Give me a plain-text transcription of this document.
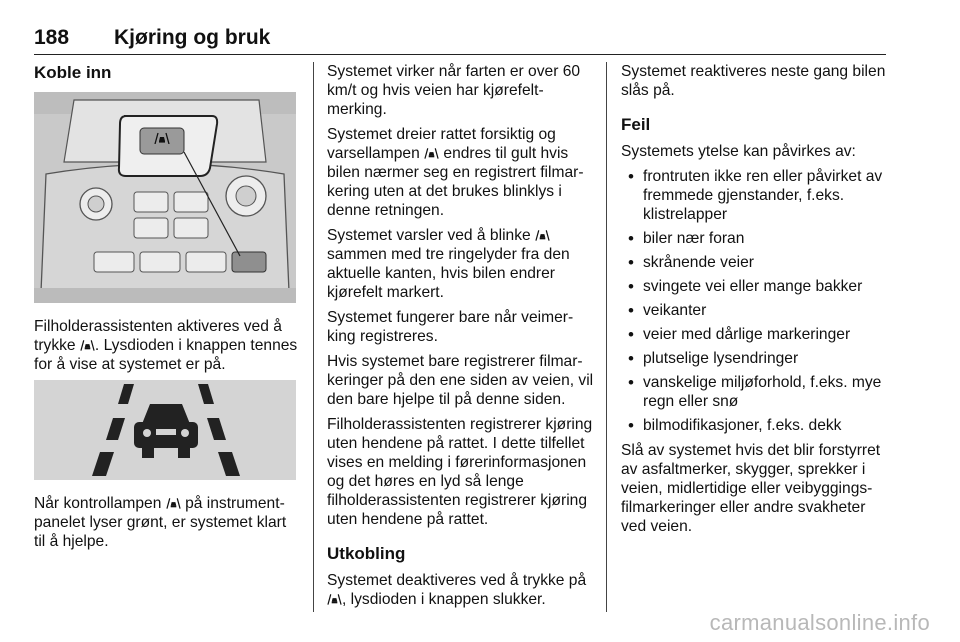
188 Kjøring og bruk
Koble inn

Filholderassistenten aktiveres ved å trykke . Lysdioden i knappen tennes for å vise at systemet er på.

Når kontrollampen  på instrumentpanelet lyser grønt, er systemet klart til å hjelpe.

Systemet virker når farten er over 60 km/t og hvis veien har kjørefeltmerking.

Systemet dreier rattet forsiktig og varsellampen  endres til gult hvis bilen nærmer seg en registrert filmarkering uten at det brukes blinklys i denne retningen.

Systemet varsler ved å blinke  sammen med tre ringelyder fra den aktuelle kanten, hvis bilen endrer kjørefelt markert.

Systemet fungerer bare når veimerking registreres.

Hvis systemet bare registrerer filmarkeringer på den ene siden av veien, vil den bare hjelpe til på denne siden.

Filholderassistenten registrerer kjøring uten hendene på rattet. I dette tilfellet vises en melding i førerinformasjonen og det høres en lyd så lenge filholderassistenten registrerer kjøring uten hendene på rattet.

Utkobling

Systemet deaktiveres ved å trykke på , lysdioden i knappen slukker.

Systemet reaktiveres neste gang bilen slås på.

Feil

Systemets ytelse kan påvirkes av:

• frontruten ikke ren eller påvirket av fremmede gjenstander, f.eks. klistrelapper
• biler nær foran
• skrånende veier
• svingete vei eller mange bakker
• veikanter
• veier med dårlige markeringer
• plutselige lysendringer
• vanskelige miljøforhold, f.eks. mye regn eller snø
• bilmodifikasjoner, f.eks. dekk

Slå av systemet hvis det blir forstyrret av asfaltmerker, skygger, sprekker i veien, midlertidige eller veibyggingsfilmarkeringer eller andre svakheter ved veien.

carmanualsonline.info
